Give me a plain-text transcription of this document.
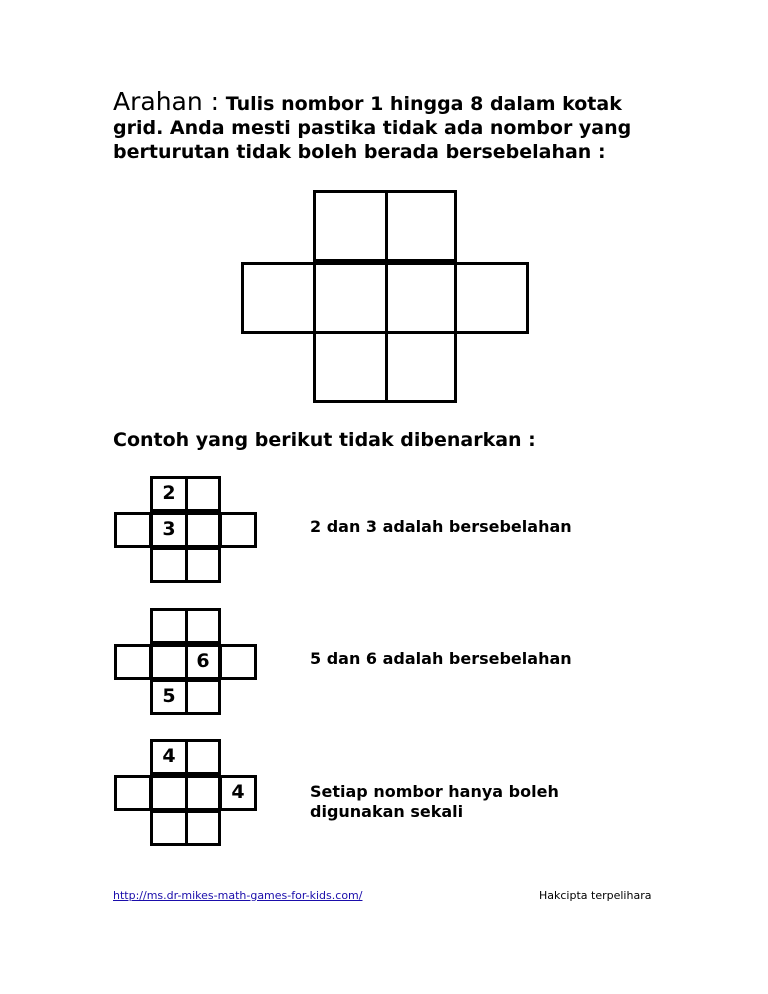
Arahan : Tulis nombor 1 hingga 8 dalam kotak grid. Anda mesti pastika tidak ada nombor yang berturutan tidak boleh berada bersebelahan :

Contoh yang berikut tidak dibenarkan :
2
3	2 dan 3 adalah bersebelahan
6
5
5 dan 6 adalah bersebelahan
4
4	Setiap nombor hanya boleh digunakan sekali
http://ms.dr-mikes-math-games-for-kids.com/	Hakcipta terpelihara
